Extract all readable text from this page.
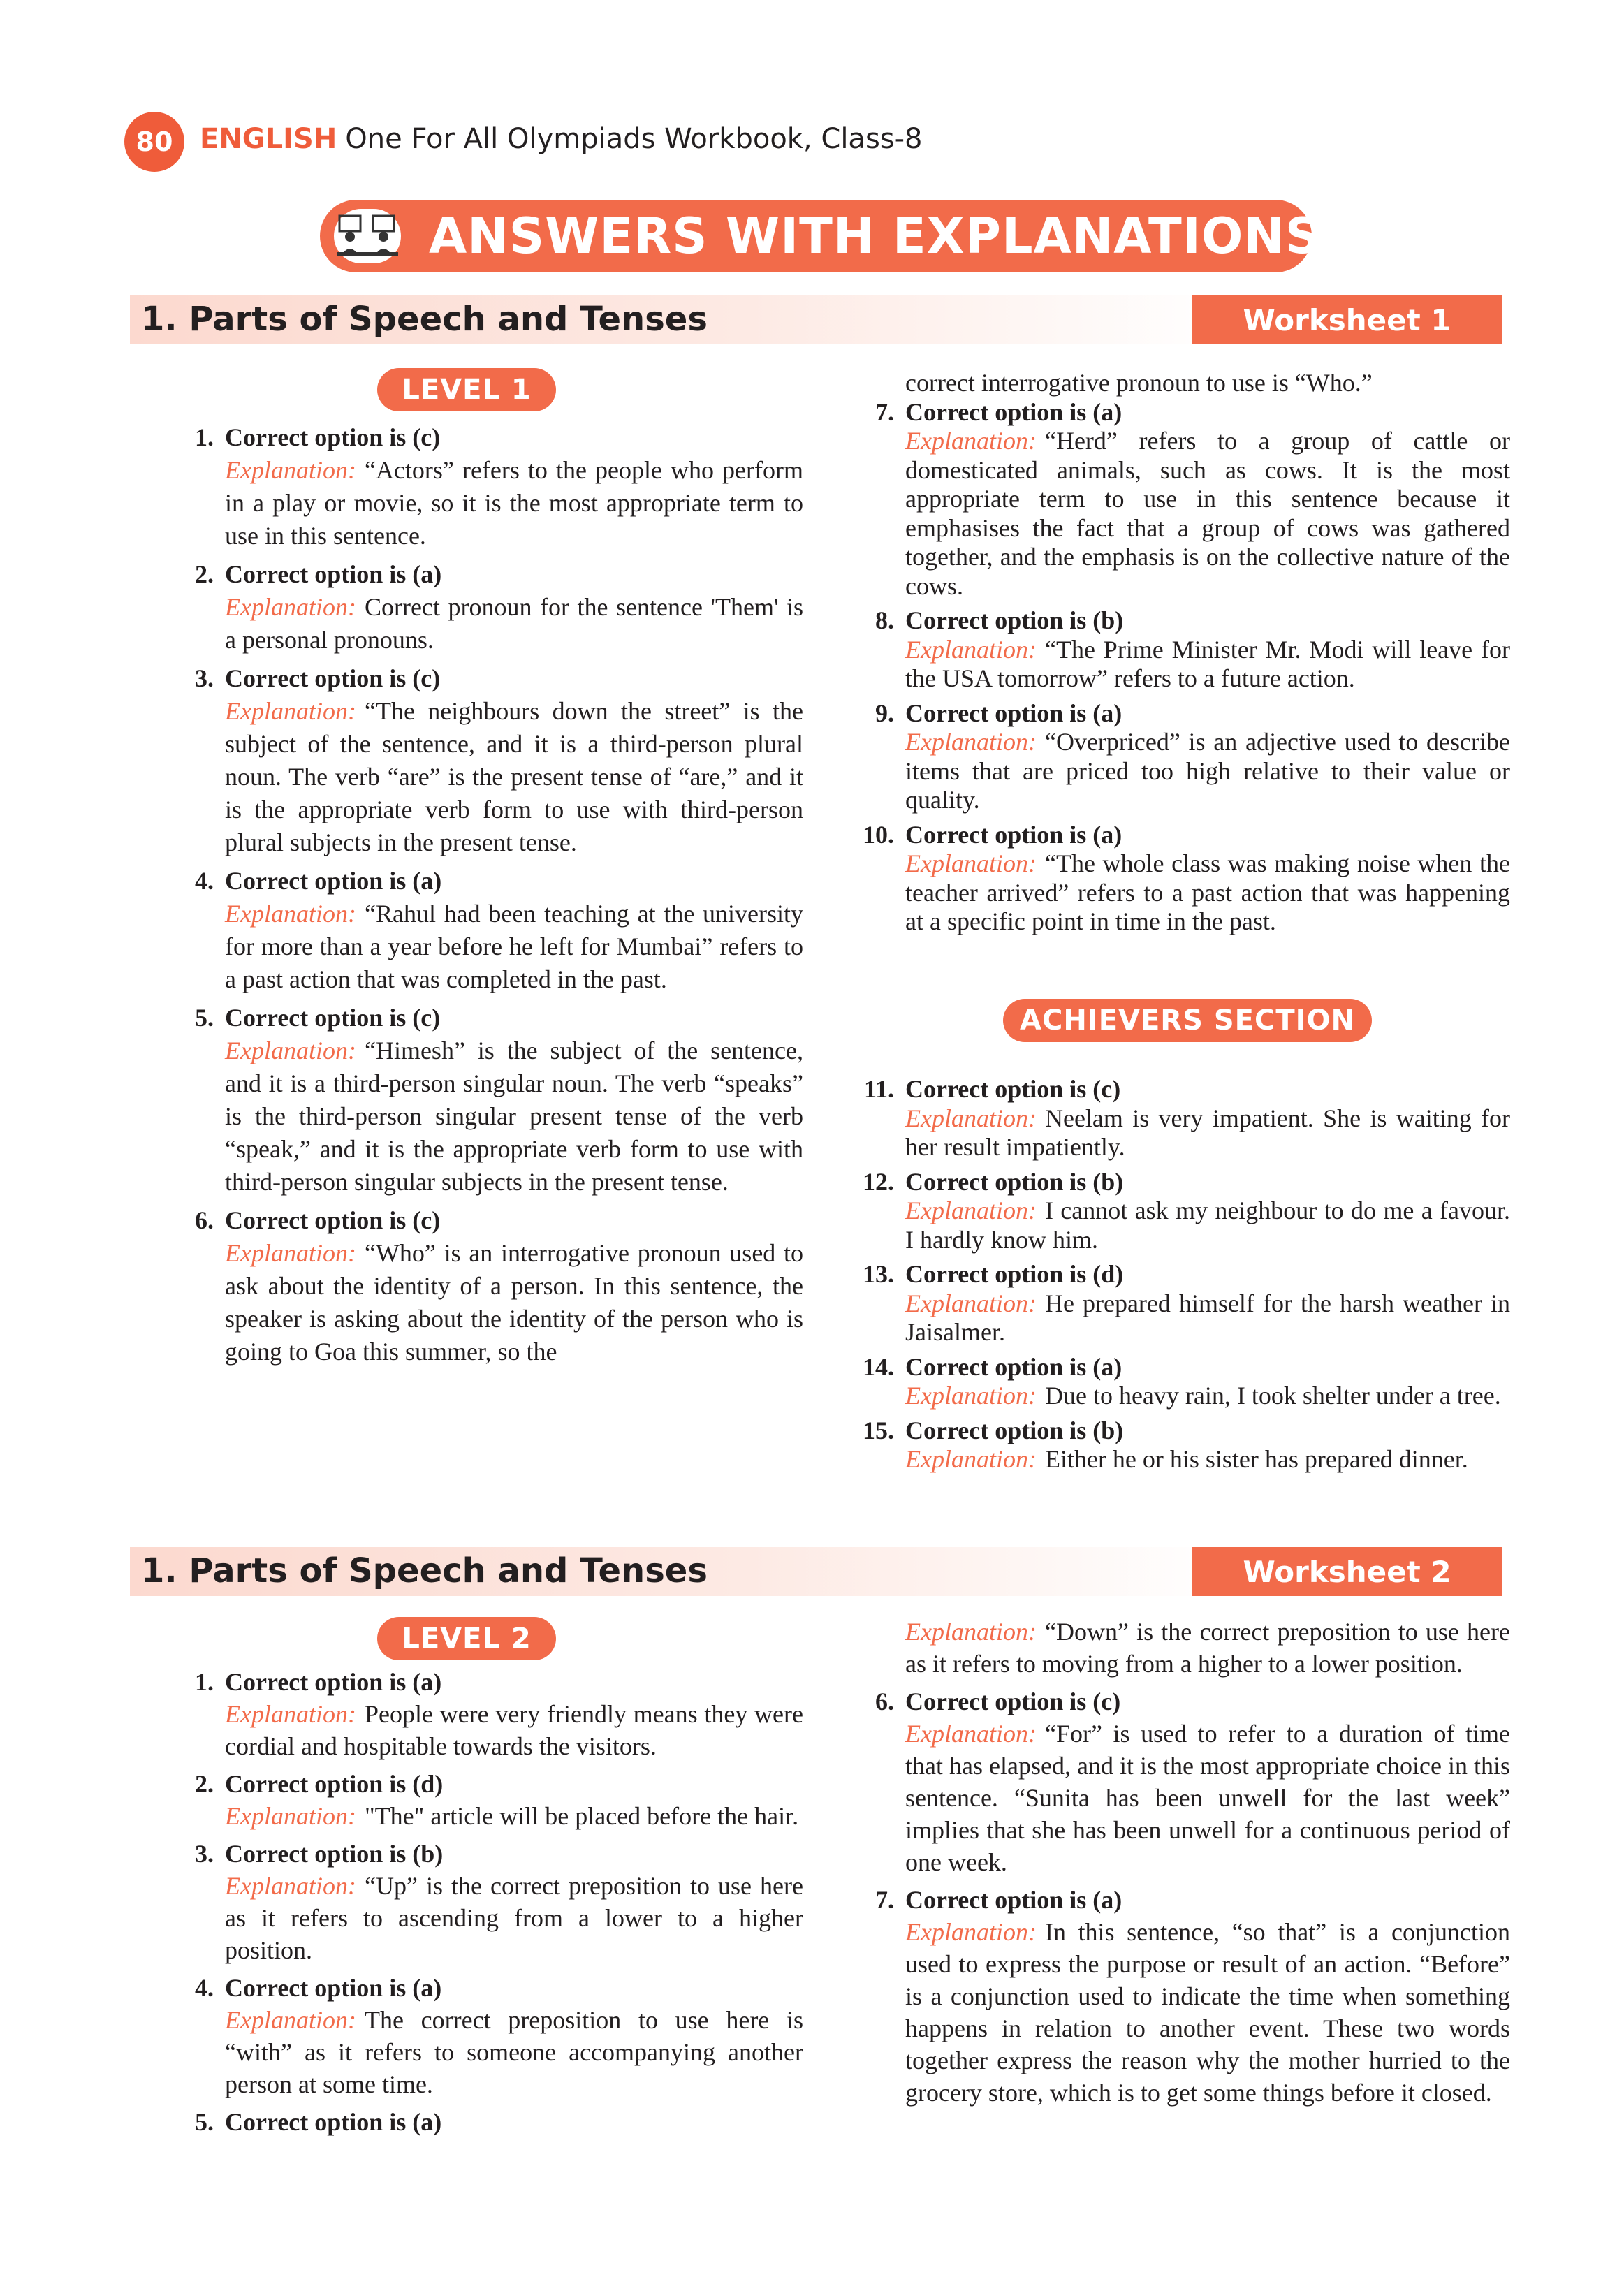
80 ENGLISH One For All Olympiads Workbook, Class-8
ANSWERS WITH EXPLANATIONS
1. Parts of Speech and Tenses	Worksheet 1
LEVEL 1
1. Correct option is (c)
Explanation: “Actors” refers to the people who perform in a play or movie, so it is the most appropriate term to use in this sentence.
2. Correct option is (a)
Explanation: Correct pronoun for the sentence 'Them' is a personal pronouns.
3. Correct option is (c)
Explanation: “The neighbours down the street” is the subject of the sentence, and it is a third-person plural noun. The verb “are” is the present tense of “are,” and it is the appropriate verb form to use with third-person plural subjects in the present tense.
4. Correct option is (a)
Explanation: “Rahul had been teaching at the university for more than a year before he left for Mumbai” refers to a past action that was completed in the past.
5. Correct option is (c)
Explanation: “Himesh” is the subject of the sentence, and it is a third-person singular noun. The verb “speaks” is the third-person singular present tense of the verb “speak,” and it is the appropriate verb form to use with third-person singular subjects in the present tense.
6. Correct option is (c)
Explanation: “Who” is an interrogative pronoun used to ask about the identity of a person. In this sentence, the speaker is asking about the identity of the person who is going to Goa this summer, so the
correct interrogative pronoun to use is “Who.”
7. Correct option is (a)
Explanation: “Herd” refers to a group of cattle or domesticated animals, such as cows. It is the most appropriate term to use in this sentence because it emphasises the fact that a group of cows was gathered together, and the emphasis is on the collective nature of the cows.
8. Correct option is (b)
Explanation: “The Prime Minister Mr. Modi will leave for the USA tomorrow” refers to a future action.
9. Correct option is (a)
Explanation: “Overpriced” is an adjective used to describe items that are priced too high relative to their value or quality.
10. Correct option is (a)
Explanation: “The whole class was making noise when the teacher arrived” refers to a past action that was happening at a specific point in time in the past.
ACHIEVERS SECTION
11. Correct option is (c)
Explanation: Neelam is very impatient. She is waiting for her result impatiently.
12. Correct option is (b)
Explanation: I cannot ask my neighbour to do me a favour. I hardly know him.
13. Correct option is (d)
Explanation: He prepared himself for the harsh weather in Jaisalmer.
14. Correct option is (a)
Explanation: Due to heavy rain, I took shelter under a tree.
15. Correct option is (b)
Explanation: Either he or his sister has prepared dinner.
1. Parts of Speech and Tenses	Worksheet 2
LEVEL 2
1. Correct option is (a)
Explanation: People were very friendly means they were cordial and hospitable towards the visitors.
2. Correct option is (d)
Explanation: "The" article will be placed before the hair.
3. Correct option is (b)
Explanation: “Up” is the correct preposition to use here as it refers to ascending from a lower to a higher position.
4. Correct option is (a)
Explanation: The correct preposition to use here is “with” as it refers to someone accompanying another person at some time.
5. Correct option is (a)
Explanation: “Down” is the correct preposition to use here as it refers to moving from a higher to a lower position.
6. Correct option is (c)
Explanation: “For” is used to refer to a duration of time that has elapsed, and it is the most appropriate choice in this sentence. “Sunita has been unwell for the last week” implies that she has been unwell for a continuous period of one week.
7. Correct option is (a)
Explanation: In this sentence, “so that” is a conjunction used to express the purpose or result of an action. “Before” is a conjunction used to indicate the time when something happens in relation to another event. These two words together express the reason why the mother hurried to the grocery store, which is to get some things before it closed.
